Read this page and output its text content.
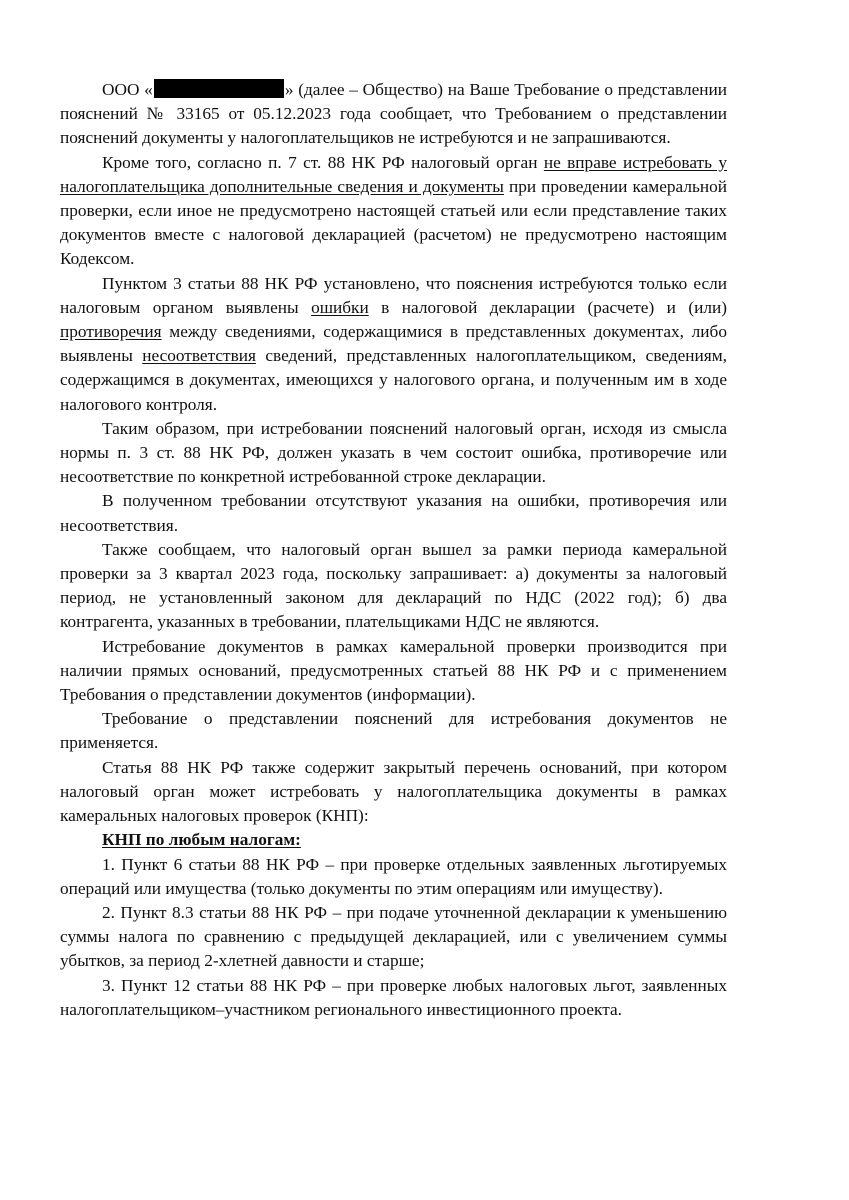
ООО «	» (далее – Общество) на Ваше Требование о представлении пояснений № 33165 от 05.12.2023 года сообщает, что Требованием о представлении пояснений документы у налогоплательщиков не истребуются и не запрашиваются.

Кроме того, согласно п. 7 ст. 88 НК РФ налоговый орган не вправе истребовать у налогоплательщика дополнительные сведения и документы при проведении камеральной проверки, если иное не предусмотрено настоящей статьей или если представление таких документов вместе с налоговой декларацией (расчетом) не предусмотрено настоящим Кодексом.

Пунктом 3 статьи 88 НК РФ установлено, что пояснения истребуются только если налоговым органом выявлены ошибки в налоговой декларации (расчете) и (или) противоречия между сведениями, содержащимися в представленных документах, либо выявлены несоответствия сведений, представленных налогоплательщиком, сведениям, содержащимся в документах, имеющихся у налогового органа, и полученным им в ходе налогового контроля.

Таким образом, при истребовании пояснений налоговый орган, исходя из смысла нормы п. 3 ст. 88 НК РФ, должен указать в чем состоит ошибка, противоречие или несоответствие по конкретной истребованной строке декларации.

В полученном требовании отсутствуют указания на ошибки, противоречия или несоответствия.

Также сообщаем, что налоговый орган вышел за рамки периода камеральной проверки за 3 квартал 2023 года, поскольку запрашивает: а) документы за налоговый период, не установленный законом для деклараций по НДС (2022 год); б) два контрагента, указанных в требовании, плательщиками НДС не являются.

Истребование документов в рамках камеральной проверки производится при наличии прямых оснований, предусмотренных статьей 88 НК РФ и с применением Требования о представлении документов (информации).

Требование о представлении пояснений для истребования документов не применяется.

Статья 88 НК РФ также содержит закрытый перечень оснований, при котором налоговый орган может истребовать у налогоплательщика документы в рамках камеральных налоговых проверок (КНП):

КНП по любым налогам:

1. Пункт 6 статьи 88 НК РФ – при проверке отдельных заявленных льготируемых операций или имущества (только документы по этим операциям или имуществу).

2. Пункт 8.3 статьи 88 НК РФ – при подаче уточненной декларации к уменьшению суммы налога по сравнению с предыдущей декларацией, или с увеличением суммы убытков, за период 2-хлетней давности и старше;

3. Пункт 12 статьи 88 НК РФ – при проверке любых налоговых льгот, заявленных налогоплательщиком–участником регионального инвестиционного проекта.
